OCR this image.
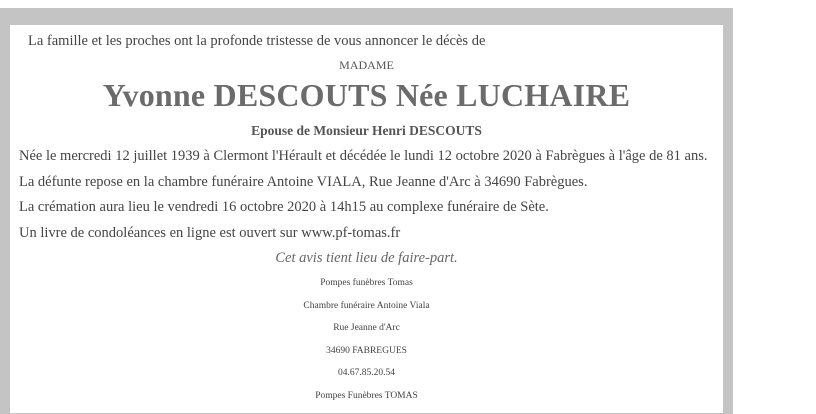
La famille et les proches ont la profonde tristesse de vous annoncer le décès de
MADAME
Yvonne DESCOUTS Née LUCHAIRE
Epouse de Monsieur Henri DESCOUTS
Née le mercredi 12 juillet 1939 à Clermont l'Hérault et décédée le lundi 12 octobre 2020 à Fabrègues à l'âge de 81 ans.
La défunte repose en la chambre funéraire Antoine VIALA, Rue Jeanne d'Arc à 34690 Fabrègues.
La crémation aura lieu le vendredi 16 octobre 2020 à 14h15 au complexe funéraire de Sète.
Un livre de condoléances en ligne est ouvert sur www.pf-tomas.fr
Cet avis tient lieu de faire-part.
Pompes funèbres Tomas
Chambre funéraire Antoine Viala
Rue Jeanne d'Arc
34690 FABREGUES
04.67.85.20.54
Pompes Funèbres TOMAS
